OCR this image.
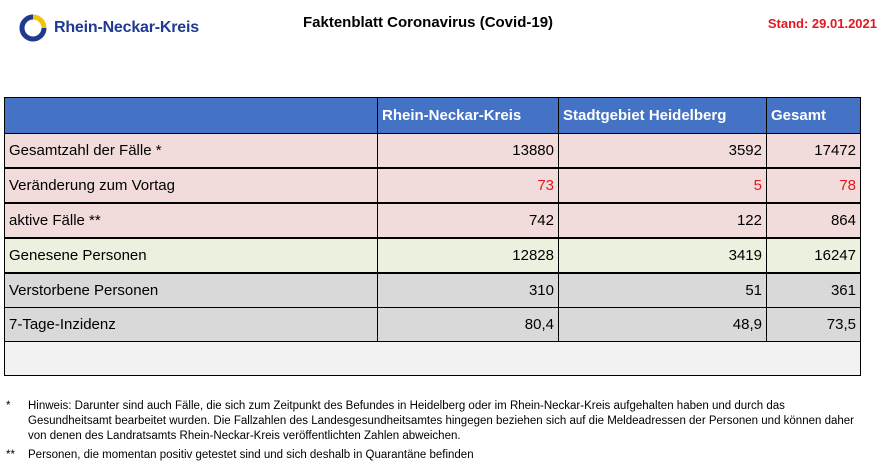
Rhein-Neckar-Kreis	Faktenblatt Coronavirus (Covid-19)	Stand: 29.01.2021
	Rhein-Neckar-Kreis	Stadtgebiet Heidelberg	Gesamt
Gesamtzahl der Fälle *	13880	3592	17472
Veränderung zum Vortag	73	5	78
aktive Fälle **	742	122	864
Genesene Personen	12828	3419	16247
Verstorbene Personen	310	51	361
7-Tage-Inzidenz	80,4	48,9	73,5

*	Hinweis: Darunter sind auch Fälle, die sich zum Zeitpunkt des Befundes in Heidelberg oder im Rhein-Neckar-Kreis aufgehalten haben und durch das Gesundheitsamt bearbeitet wurden. Die Fallzahlen des Landesgesundheitsamtes hingegen beziehen sich auf die Meldeadressen der Personen und können daher von denen des Landratsamts Rhein-Neckar-Kreis veröffentlichten Zahlen abweichen.
**	Personen, die momentan positiv getestet sind und sich deshalb in Quarantäne befinden
